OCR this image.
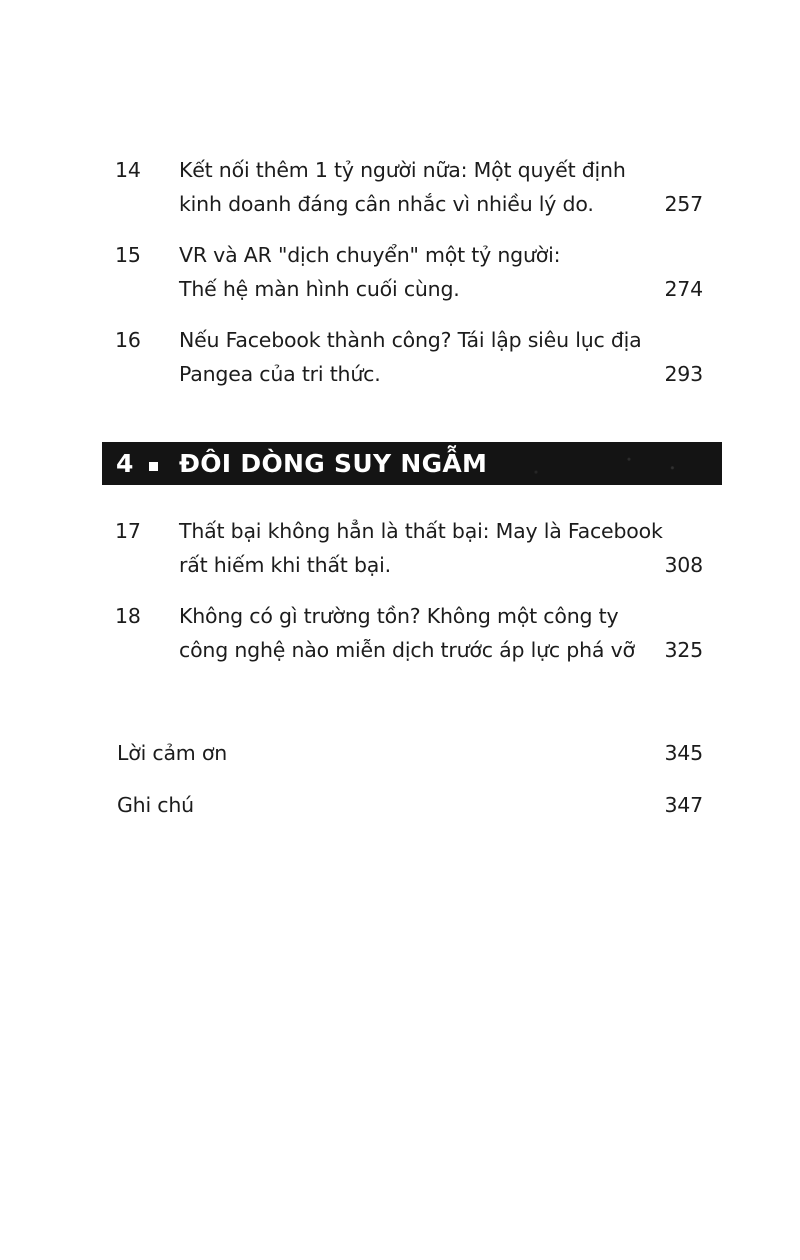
14	Kết nối thêm 1 tỷ người nữa: Một quyết định
kinh doanh đáng cân nhắc vì nhiều lý do.	257
15	VR và AR "dịch chuyển" một tỷ người:
Thế hệ màn hình cuối cùng.	274
16	Nếu Facebook thành công? Tái lập siêu lục địa
Pangea của tri thức.	293
4 ĐÔI DÒNG SUY NGẪM
17	Thất bại không hẳn là thất bại: May là Facebook
rất hiếm khi thất bại.	308
18	Không có gì trường tồn? Không một công ty
công nghệ nào miễn dịch trước áp lực phá vỡ	325
Lời cảm ơn	345
Ghi chú	347
